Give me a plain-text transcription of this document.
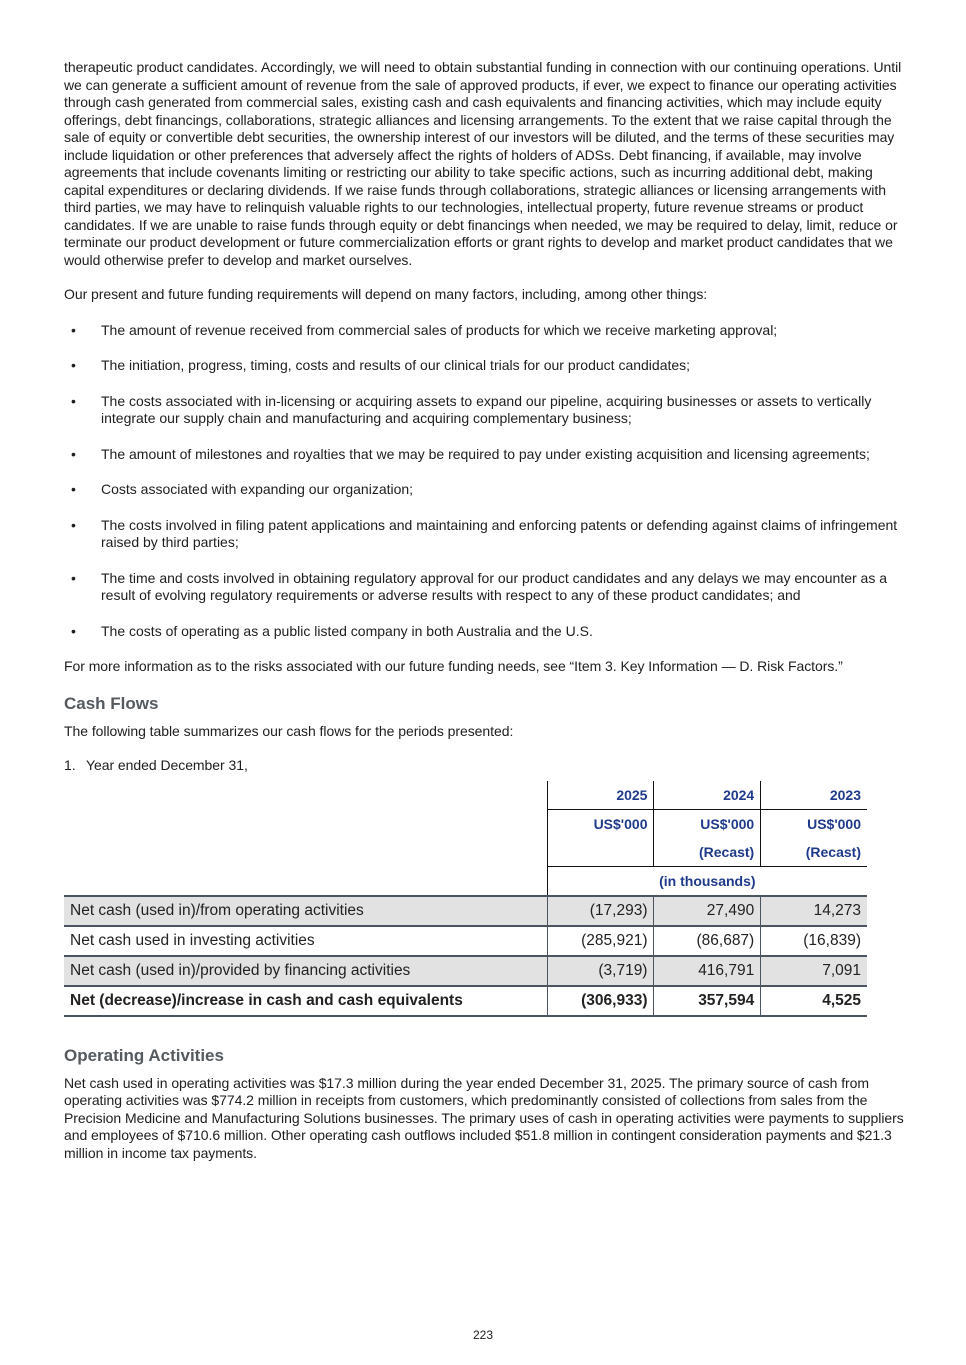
therapeutic product candidates. Accordingly, we will need to obtain substantial funding in connection with our continuing operations. Until we can generate a sufficient amount of revenue from the sale of approved products, if ever, we expect to finance our operating activities through cash generated from commercial sales, existing cash and cash equivalents and financing activities, which may include equity offerings, debt financings, collaborations, strategic alliances and licensing arrangements. To the extent that we raise capital through the sale of equity or convertible debt securities, the ownership interest of our investors will be diluted, and the terms of these securities may include liquidation or other preferences that adversely affect the rights of holders of ADSs. Debt financing, if available, may involve agreements that include covenants limiting or restricting our ability to take specific actions, such as incurring additional debt, making capital expenditures or declaring dividends. If we raise funds through collaborations, strategic alliances or licensing arrangements with third parties, we may have to relinquish valuable rights to our technologies, intellectual property, future revenue streams or product candidates. If we are unable to raise funds through equity or debt financings when needed, we may be required to delay, limit, reduce or terminate our product development or future commercialization efforts or grant rights to develop and market product candidates that we would otherwise prefer to develop and market ourselves.

Our present and future funding requirements will depend on many factors, including, among other things:

• The amount of revenue received from commercial sales of products for which we receive marketing approval;
• The initiation, progress, timing, costs and results of our clinical trials for our product candidates;
• The costs associated with in-licensing or acquiring assets to expand our pipeline, acquiring businesses or assets to vertically integrate our supply chain and manufacturing and acquiring complementary business;
• The amount of milestones and royalties that we may be required to pay under existing acquisition and licensing agreements;
• Costs associated with expanding our organization;
• The costs involved in filing patent applications and maintaining and enforcing patents or defending against claims of infringement raised by third parties;
• The time and costs involved in obtaining regulatory approval for our product candidates and any delays we may encounter as a result of evolving regulatory requirements or adverse results with respect to any of these product candidates; and
• The costs of operating as a public listed company in both Australia and the U.S.

For more information as to the risks associated with our future funding needs, see “Item 3. Key Information — D. Risk Factors.”

Cash Flows

The following table summarizes our cash flows for the periods presented:

1. Year ended December 31,

	2025	2024	2023
	US$'000	US$'000	US$'000
		(Recast)	(Recast)
	(in thousands)		
Net cash (used in)/from operating activities	(17,293)	27,490	14,273
Net cash used in investing activities	(285,921)	(86,687)	(16,839)
Net cash (used in)/provided by financing activities	(3,719)	416,791	7,091
Net (decrease)/increase in cash and cash equivalents	(306,933)	357,594	4,525
Operating Activities

Net cash used in operating activities was $17.3 million during the year ended December 31, 2025. The primary source of cash from operating activities was $774.2 million in receipts from customers, which predominantly consisted of collections from sales from the Precision Medicine and Manufacturing Solutions businesses. The primary uses of cash in operating activities were payments to suppliers and employees of $710.6 million. Other operating cash outflows included $51.8 million in contingent consideration payments and $21.3 million in income tax payments.

223
